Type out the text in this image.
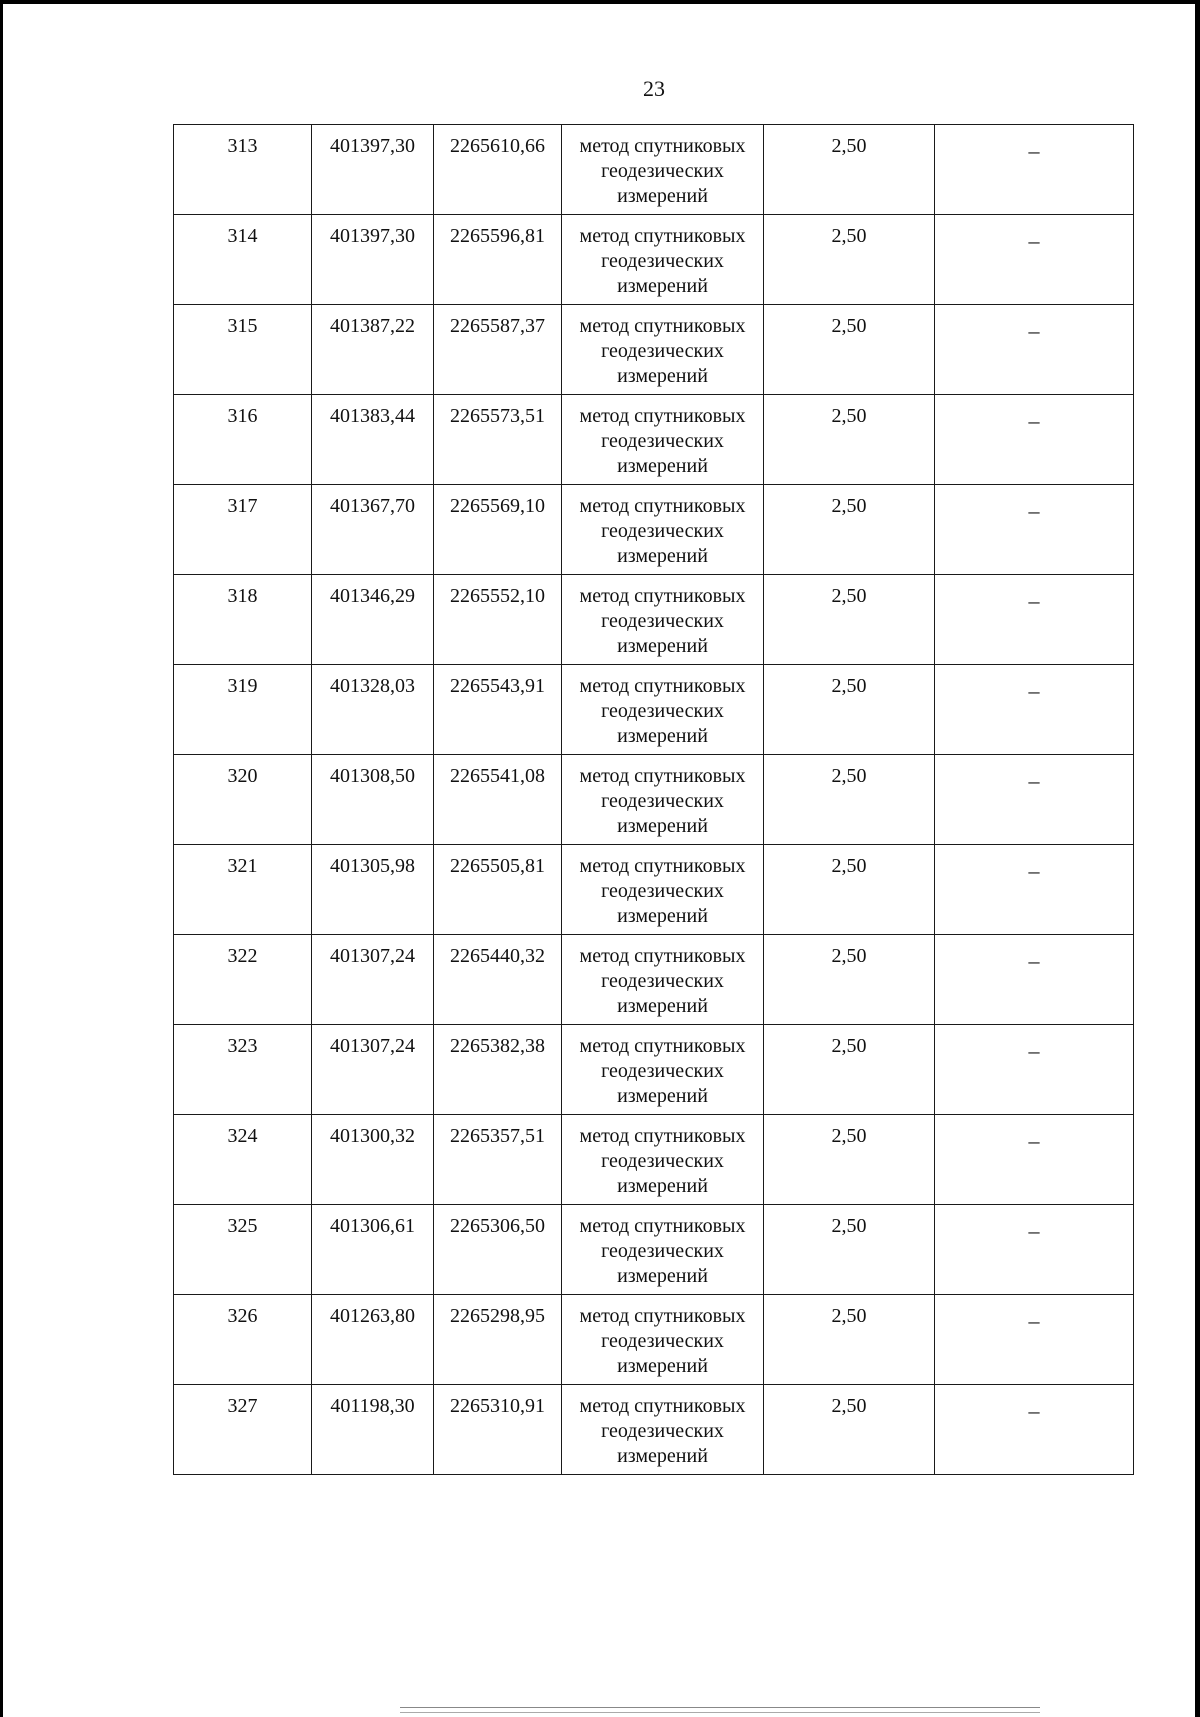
23
313	401397,30	2265610,66	метод спутниковых геодезических измерений	2,50	–
314	401397,30	2265596,81	метод спутниковых геодезических измерений	2,50	–
315	401387,22	2265587,37	метод спутниковых геодезических измерений	2,50	–
316	401383,44	2265573,51	метод спутниковых геодезических измерений	2,50	–
317	401367,70	2265569,10	метод спутниковых геодезических измерений	2,50	–
318	401346,29	2265552,10	метод спутниковых геодезических измерений	2,50	–
319	401328,03	2265543,91	метод спутниковых геодезических измерений	2,50	–
320	401308,50	2265541,08	метод спутниковых геодезических измерений	2,50	–
321	401305,98	2265505,81	метод спутниковых геодезических измерений	2,50	–
322	401307,24	2265440,32	метод спутниковых геодезических измерений	2,50	–
323	401307,24	2265382,38	метод спутниковых геодезических измерений	2,50	–
324	401300,32	2265357,51	метод спутниковых геодезических измерений	2,50	–
325	401306,61	2265306,50	метод спутниковых геодезических измерений	2,50	–
326	401263,80	2265298,95	метод спутниковых геодезических измерений	2,50	–
327	401198,30	2265310,91	метод спутниковых геодезических измерений	2,50	–
